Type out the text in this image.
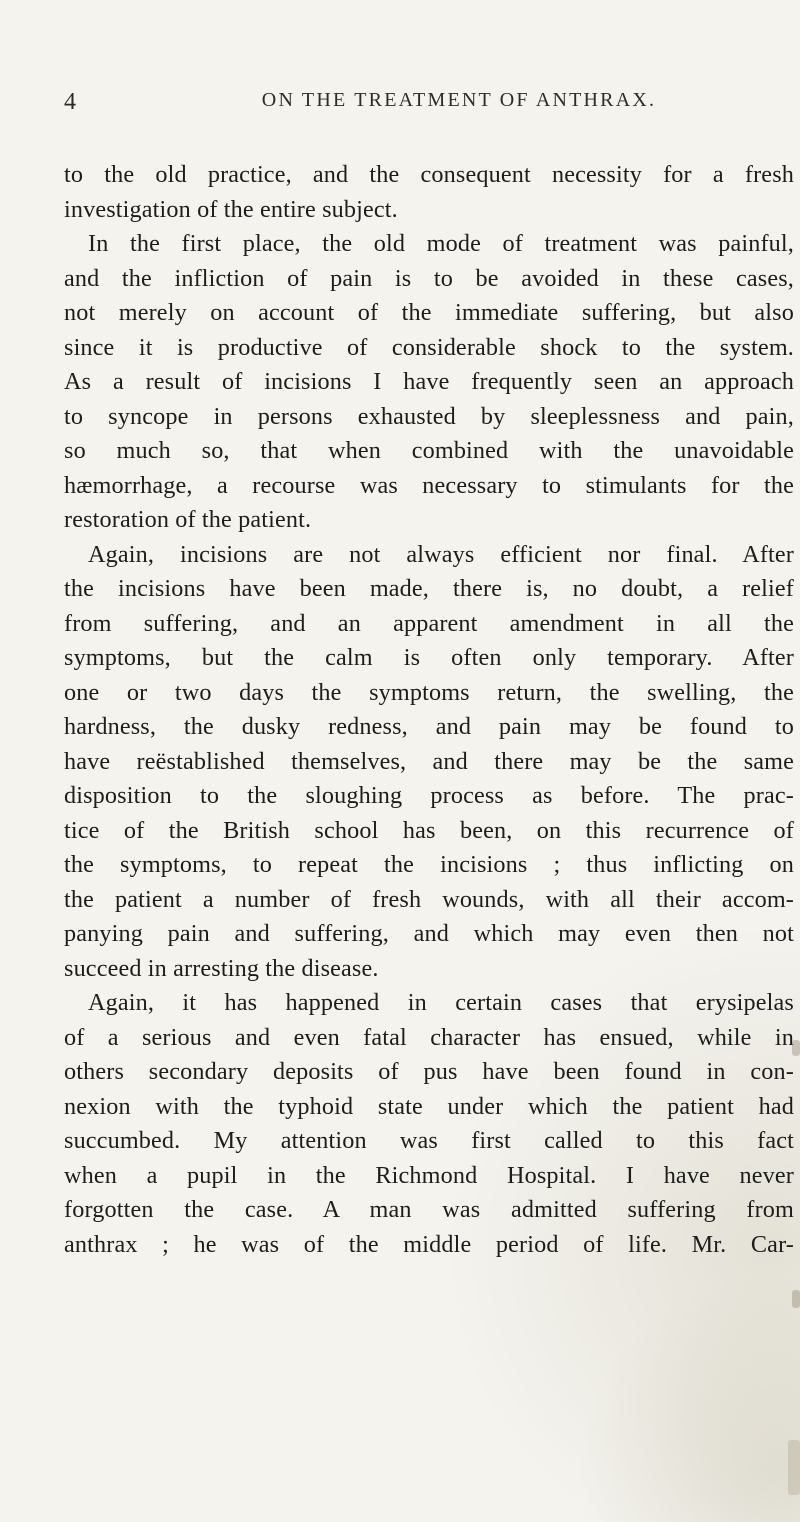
4	ON THE TREATMENT OF ANTHRAX.
to the old practice, and the consequent necessity for a fresh
investigation of the entire subject.
In the first place, the old mode of treatment was painful,
and the infliction of pain is to be avoided in these cases,
not merely on account of the immediate suffering, but also
since it is productive of considerable shock to the system.
As a result of incisions I have frequently seen an approach
to syncope in persons exhausted by sleeplessness and pain,
so much so, that when combined with the unavoidable
hæmorrhage, a recourse was necessary to stimulants for the
restoration of the patient.
Again, incisions are not always efficient nor final. After
the incisions have been made, there is, no doubt, a relief
from suffering, and an apparent amendment in all the
symptoms, but the calm is often only temporary. After
one or two days the symptoms return, the swelling, the
hardness, the dusky redness, and pain may be found to
have reëstablished themselves, and there may be the same
disposition to the sloughing process as before. The prac-
tice of the British school has been, on this recurrence of
the symptoms, to repeat the incisions ; thus inflicting on
the patient a number of fresh wounds, with all their accom-
panying pain and suffering, and which may even then not
succeed in arresting the disease.
Again, it has happened in certain cases that erysipelas
of a serious and even fatal character has ensued, while in
others secondary deposits of pus have been found in con-
nexion with the typhoid state under which the patient had
succumbed. My attention was first called to this fact
when a pupil in the Richmond Hospital. I have never
forgotten the case. A man was admitted suffering from
anthrax ; he was of the middle period of life. Mr. Car-
